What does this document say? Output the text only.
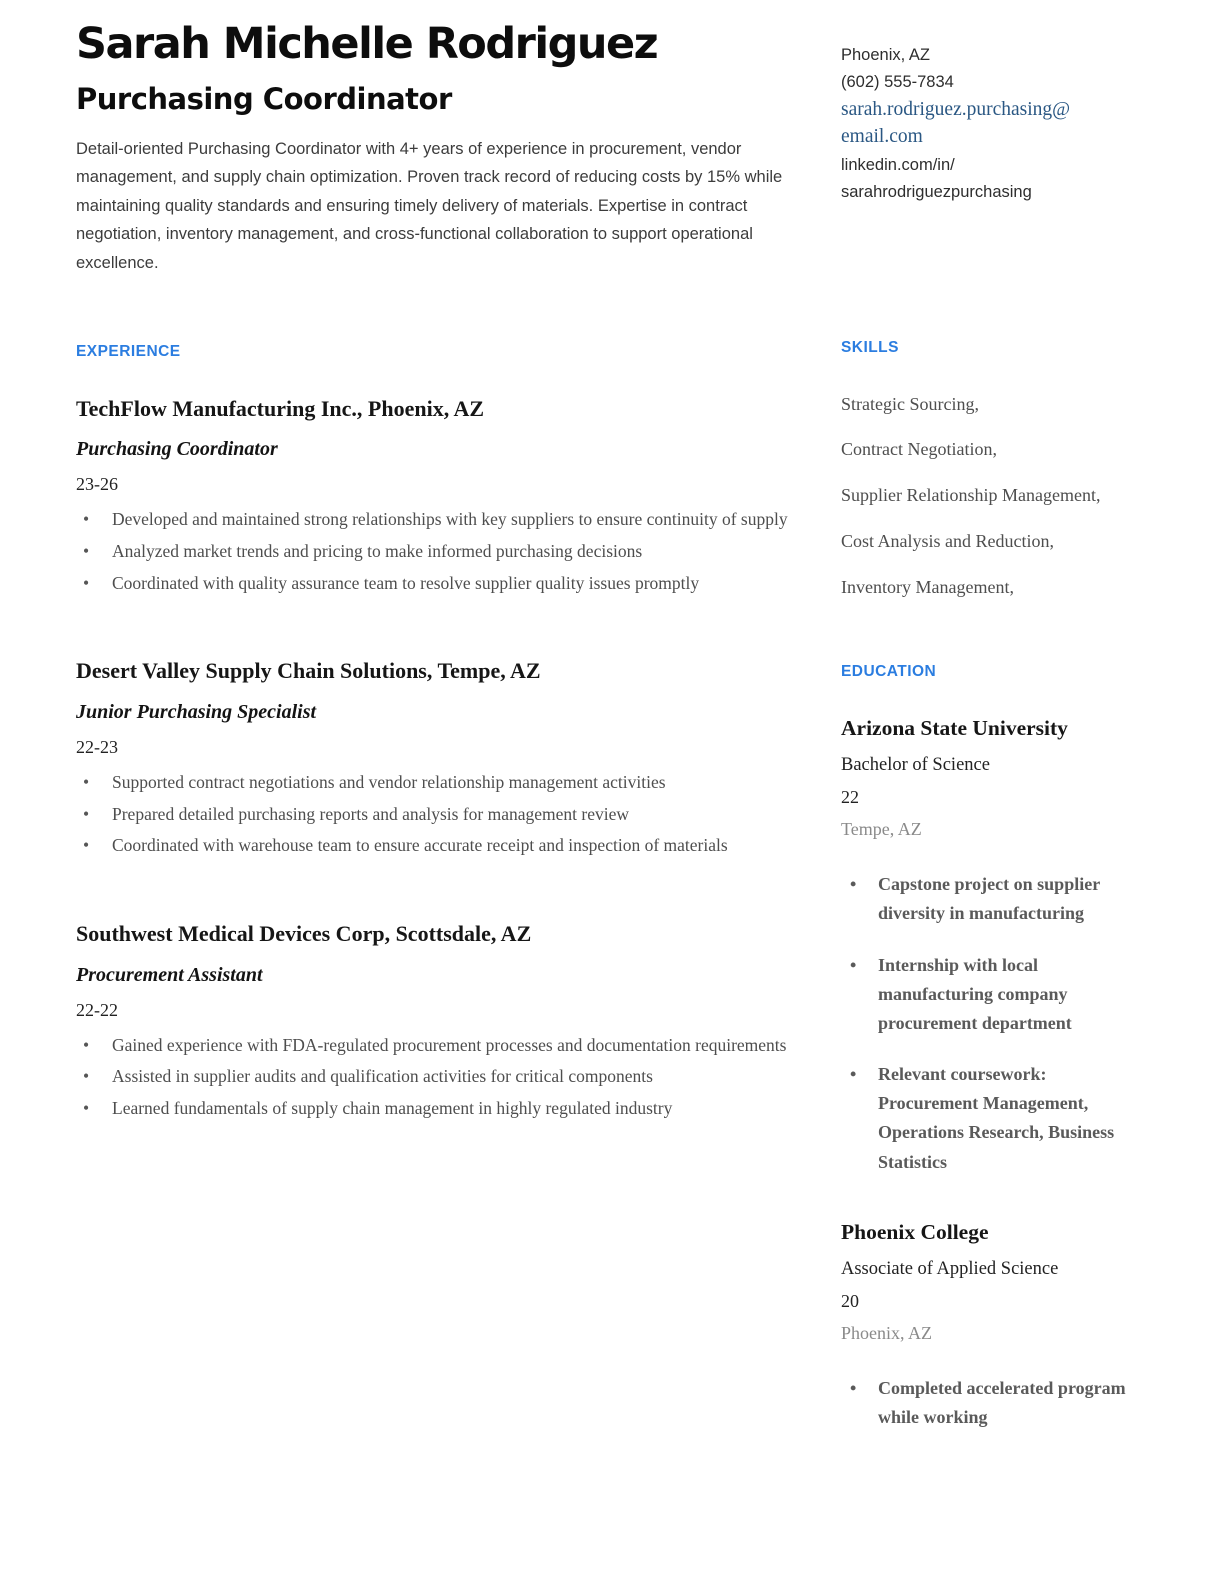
Sarah Michelle Rodriguez
Purchasing Coordinator

Detail-oriented Purchasing Coordinator with 4+ years of experience in procurement, vendor management, and supply chain optimization. Proven track record of reducing costs by 15% while maintaining quality standards and ensuring timely delivery of materials. Expertise in contract negotiation, inventory management, and cross-functional collaboration to support operational excellence.

EXPERIENCE
TechFlow Manufacturing Inc., Phoenix, AZ
Purchasing Coordinator
23-26
• Developed and maintained strong relationships with key suppliers to ensure continuity of supply
• Analyzed market trends and pricing to make informed purchasing decisions
• Coordinated with quality assurance team to resolve supplier quality issues promptly
Desert Valley Supply Chain Solutions, Tempe, AZ
Junior Purchasing Specialist
22-23
• Supported contract negotiations and vendor relationship management activities
• Prepared detailed purchasing reports and analysis for management review
• Coordinated with warehouse team to ensure accurate receipt and inspection of materials
Southwest Medical Devices Corp, Scottsdale, AZ
Procurement Assistant
22-22
• Gained experience with FDA-regulated procurement processes and documentation requirements
• Assisted in supplier audits and qualification activities for critical components
• Learned fundamentals of supply chain management in highly regulated industry
Phoenix, AZ
(602) 555-7834
sarah.rodriguez.purchasing@
email.com
linkedin.com/in/
sarahrodriguezpurchasing
SKILLS
Strategic Sourcing,
Contract Negotiation,
Supplier Relationship Management,
Cost Analysis and Reduction,
Inventory Management,
EDUCATION
Arizona State University
Bachelor of Science
22
Tempe, AZ
• Capstone project on supplier diversity in manufacturing
• Internship with local manufacturing company procurement department
• Relevant coursework: Procurement Management, Operations Research, Business Statistics
Phoenix College
Associate of Applied Science
20
Phoenix, AZ
• Completed accelerated program while working
